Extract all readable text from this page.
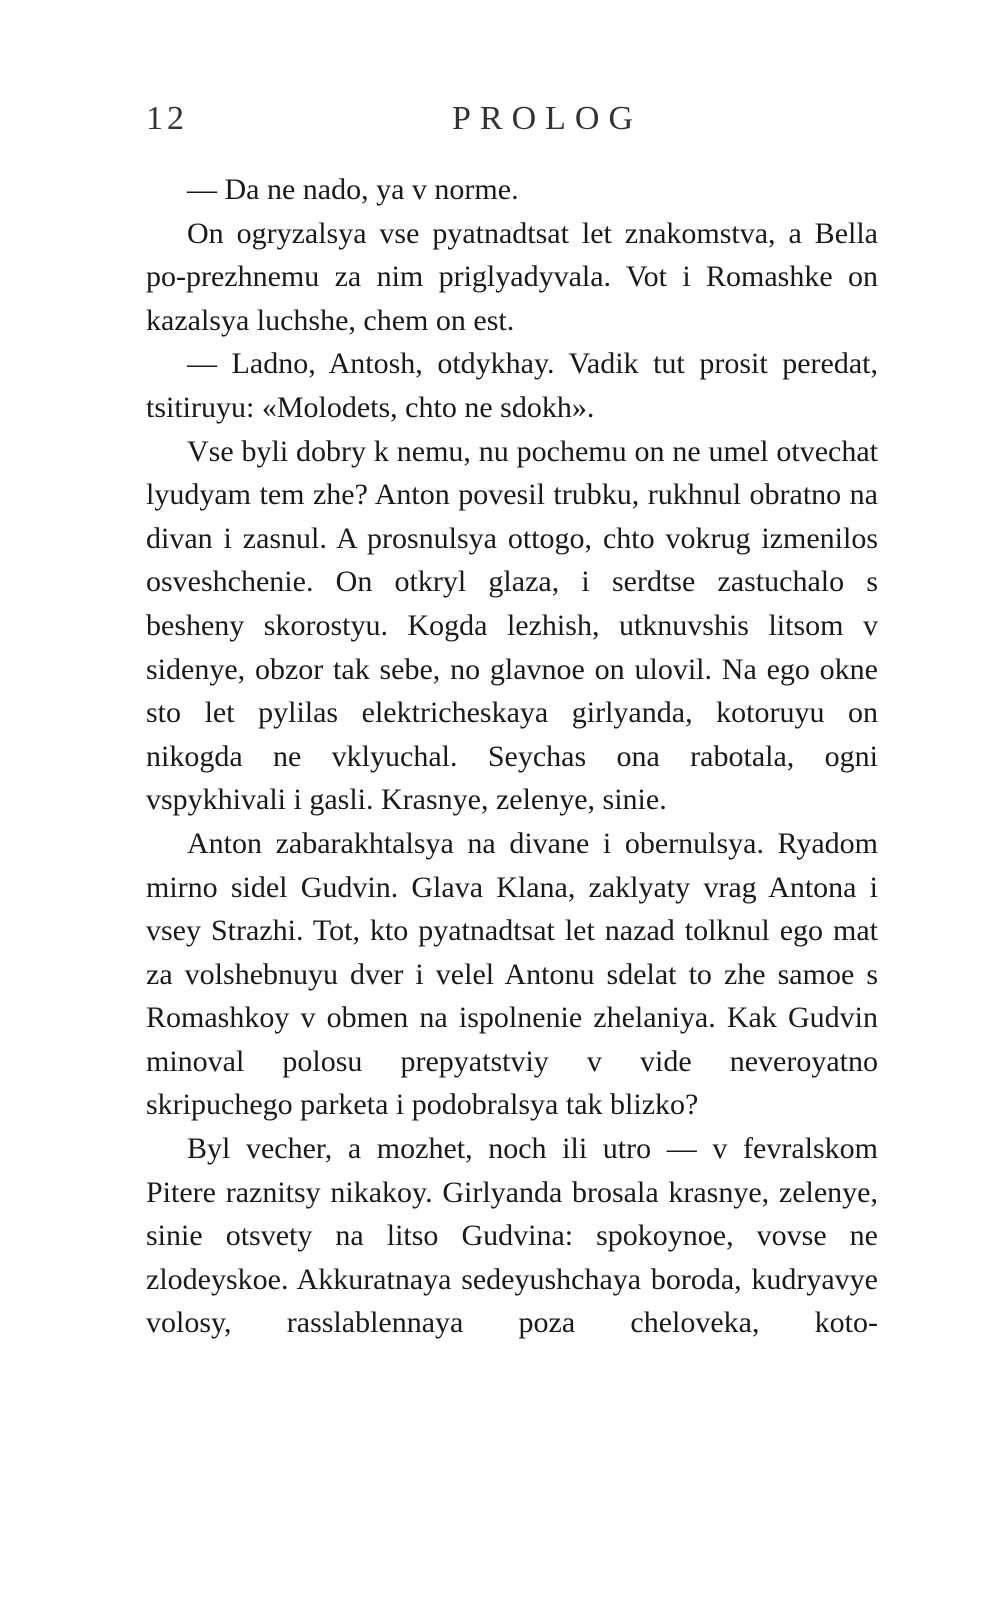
12	PROLOG

— Da ne nado, ya v norme.

On ogryzalsya vse pyatnadtsat let znakomstva, a Bella po-prezhnemu za nim priglyadyvala. Vot i Romashke on kazalsya luchshe, chem on est.

— Ladno, Antosh, otdykhay. Vadik tut prosit peredat, tsitiruyu: «Molodets, chto ne sdokh».

Vse byli dobry k nemu, nu pochemu on ne umel otvechat lyudyam tem zhe? Anton povesil trubku, rukhnul obratno na divan i zasnul. A prosnulsya ottogo, chto vokrug izmenilos osveshchenie. On otkryl glaza, i serdtse zastuchalo s besheny skorostyu. Kogda lezhish, utknuvshis litsom v sidenye, obzor tak sebe, no glavnoe on ulovil. Na ego okne sto let pylilas elektricheskaya girlyanda, kotoruyu on nikogda ne vklyuchal. Seychas ona rabotala, ogni vspykhivali i gasli. Krasnye, zelenye, sinie.

Anton zabarakhtalsya na divane i obernulsya. Ryadom mirno sidel Gudvin. Glava Klana, zaklyaty vrag Antona i vsey Strazhi. Tot, kto pyatnadtsat let nazad tolknul ego mat za volshebnuyu dver i velel Antonu sdelat to zhe samoe s Romashkoy v obmen na ispolnenie zhelaniya. Kak Gudvin minoval polosu prepyatstviy v vide neveroyatno skripuchego parketa i podobralsya tak blizko?

Byl vecher, a mozhet, noch ili utro — v fevralskom Pitere raznitsy nikakoy. Girlyanda brosala krasnye, zelenye, sinie otsvety na litso Gudvina: spokoynoe, vovse ne zlodeyskoe. Akkuratnaya sedeyushchaya boroda, kudryavye volosy, rasslablennaya poza cheloveka, koto-
